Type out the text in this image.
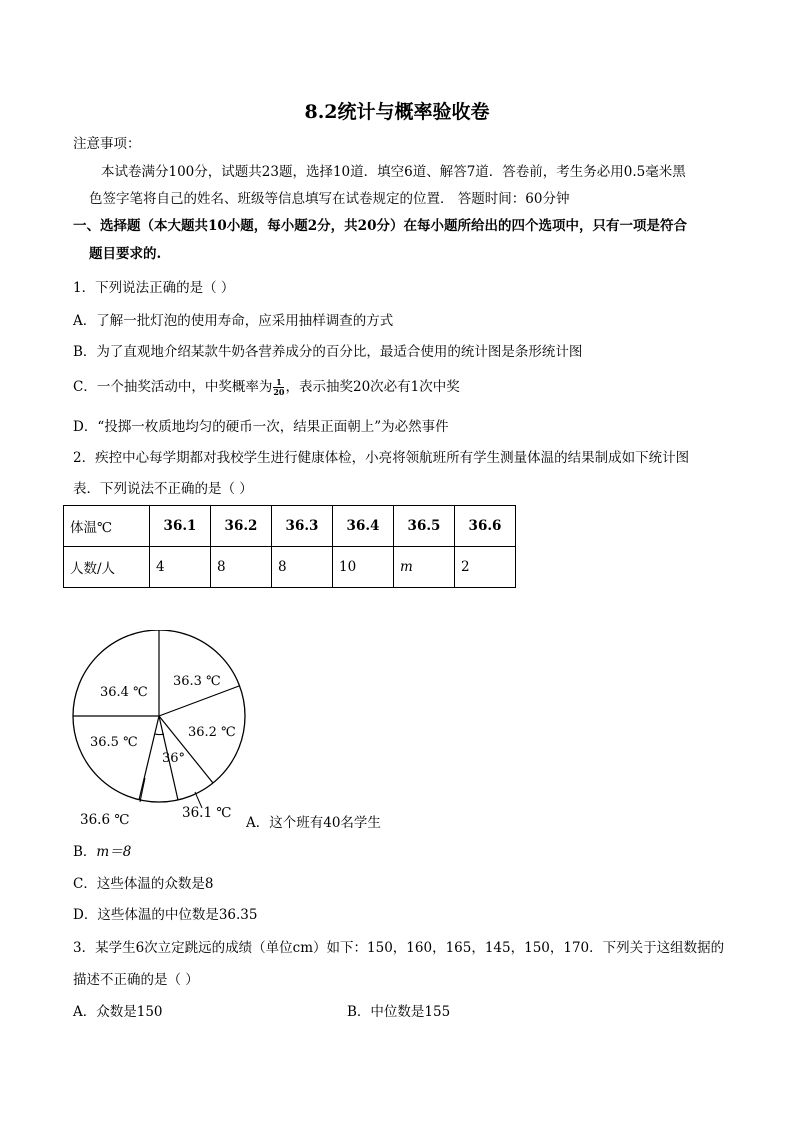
8.2统计与概率验收卷
注意事项：
本试卷满分100分，试题共23题，选择10道．填空6道、解答7道．答卷前，考生务必用0.5毫米黑
色签字笔将自己的姓名、班级等信息填写在试卷规定的位置． 答题时间：60分钟
一、选择题（本大题共10小题，每小题2分，共20分）在每小题所给出的四个选项中，只有一项是符合
题目要求的.
1．下列说法正确的是（ ）
A．了解一批灯泡的使用寿命，应采用抽样调查的方式
B．为了直观地介绍某款牛奶各营养成分的百分比，最适合使用的统计图是条形统计图
C．一个抽奖活动中，中奖概率为 $\frac{1}{20}$ ，表示抽奖20次必有1次中奖
D．“投掷一枚质地均匀的硬币一次，结果正面朝上”为必然事件
2．疾控中心每学期都对我校学生进行健康体检，小亮将领航班所有学生测量体温的结果制成如下统计图
表．下列说法不正确的是（ ）
体温℃	36.1	36.2	36.3	36.4	36.5	36.6
人数/人	4	8	8	10	m	2
36.3 ℃
36.4 ℃
36.2 ℃
36.5 ℃
36°
36.6 ℃	36.1 ℃
A．这个班有40名学生
B．m＝8
C．这些体温的众数是8
D．这些体温的中位数是36.35
3．某学生6次立定跳远的成绩（单位cm）如下：150，160，165，145，150，170．下列关于这组数据的
描述不正确的是（ ）
A．众数是150	B．中位数是155
